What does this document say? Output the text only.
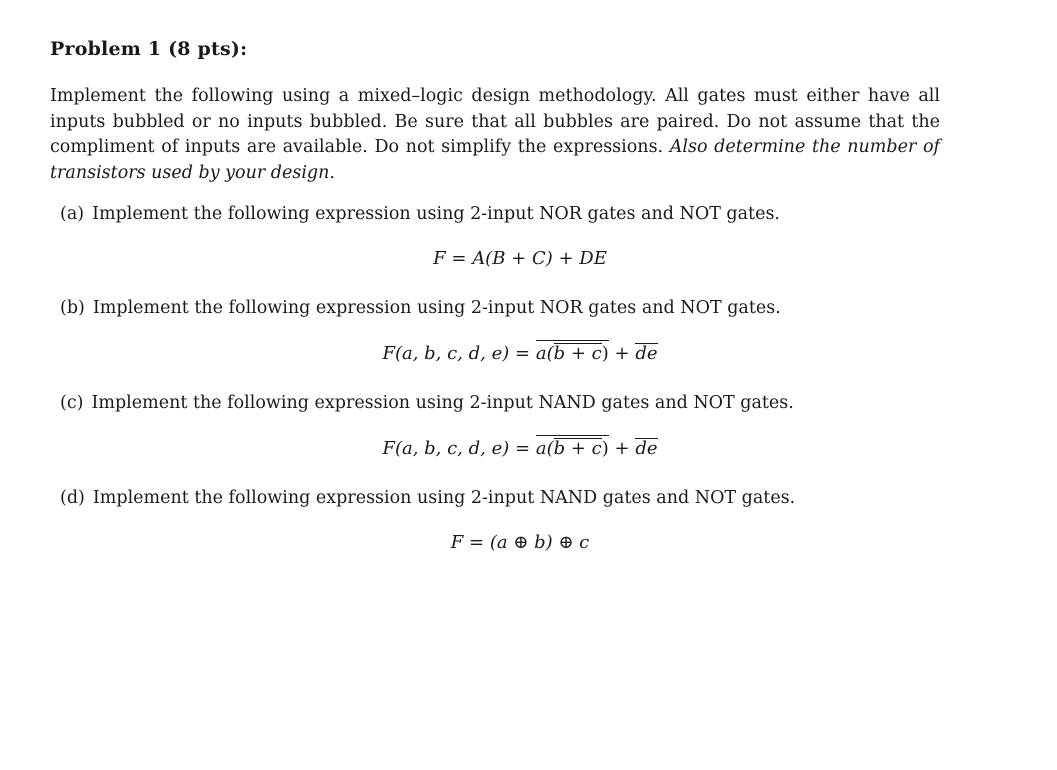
Problem 1 (8 pts):

Implement the following using a mixed–logic design methodology. All gates must either have all inputs bubbled or no inputs bubbled. Be sure that all bubbles are paired. Do not assume that the compliment of inputs are available. Do not simplify the expressions. Also determine the number of transistors used by your design.

(a) Implement the following expression using 2-input NOR gates and NOT gates.
F = A(B + C) + DE
(b) Implement the following expression using 2-input NOR gates and NOT gates.
F(a, b, c, d, e) = a(b + c) + de
(c) Implement the following expression using 2-input NAND gates and NOT gates.
F(a, b, c, d, e) = a(b + c) + de
(d) Implement the following expression using 2-input NAND gates and NOT gates.
F = (a ⊕ b) ⊕ c
